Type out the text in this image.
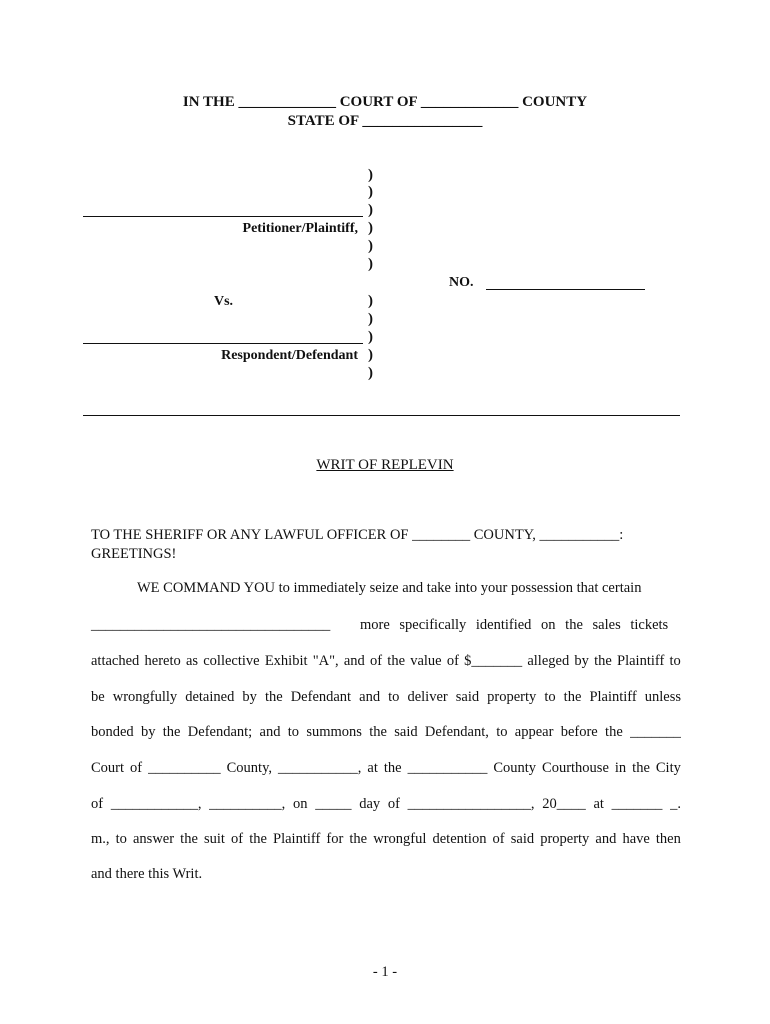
IN THE _____________ COURT OF _____________ COUNTY
STATE OF ________________
)
)
)
)
)
)
)
)
)
)
)
Petitioner/Plaintiff,
Vs.
Respondent/Defendant
NO.
WRIT OF REPLEVIN
TO THE SHERIFF OR ANY LAWFUL OFFICER OF ________ COUNTY, ___________:
GREETINGS!
WE COMMAND YOU to immediately seize and take into your possession that certain
_________________________________ more specifically identified on the sales tickets
attached hereto as collective Exhibit "A", and of the value of $_______ alleged by the Plaintiff to
be wrongfully detained by the Defendant and to deliver said property to the Plaintiff unless
bonded by the Defendant; and to summons the said Defendant, to appear before the _______
Court of __________ County, ___________, at the ___________ County Courthouse in the City
of ____________, __________, on _____ day of _________________, 20____ at _______ _.
m., to answer the suit of the Plaintiff for the wrongful detention of said property and have then
and there this Writ.
- 1 -
